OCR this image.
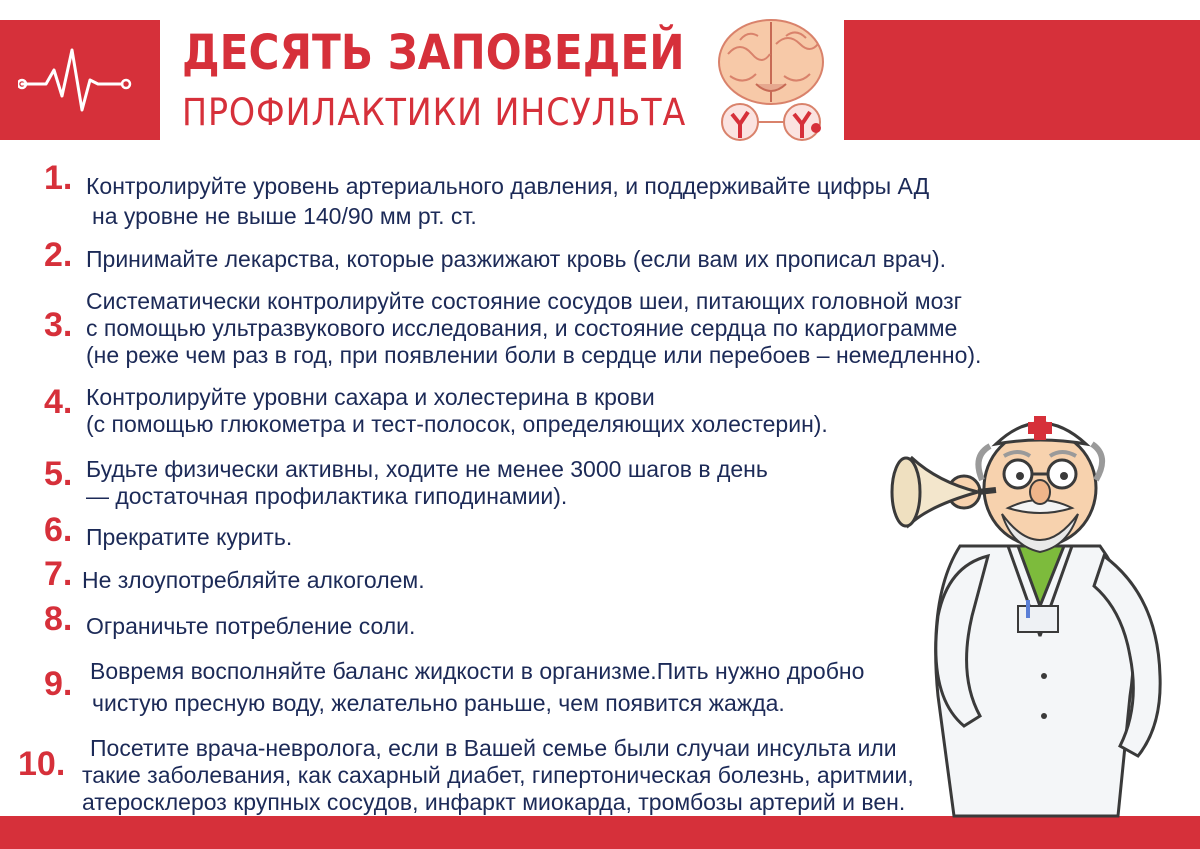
ДЕСЯТЬ ЗАПОВЕДЕЙ
ПРОФИЛАКТИКИ ИНСУЛЬТА
1. Контролируйте уровень артериального давления, и поддерживайте цифры АД
на уровне не выше 140/90 мм рт. ст.
2. Принимайте лекарства, которые разжижают кровь (если вам их прописал врач).
3.
Систематически контролируйте состояние сосудов шеи, питающих головной мозг
с помощью ультразвукового исследования, и состояние сердца по кардиограмме
(не реже чем раз в год, при появлении боли в сердце или перебоев – немедленно).
4. Контролируйте уровни сахара и холестерина в крови
(с помощью глюкометра и тест-полосок, определяющих холестерин).
5. Будьте физически активны, ходите не менее 3000 шагов в день
— достаточная профилактика гиподинамии).
6. Прекратите курить.
7. Не злоупотребляйте алкоголем.
8. Ограничьте потребление соли.
9. Вовремя восполняйте баланс жидкости в организме.Пить нужно дробно
чистую пресную воду, желательно раньше, чем появится жажда.
10. Посетите врача-невролога, если в Вашей семье были случаи инсульта или
такие заболевания, как сахарный диабет, гипертоническая болезнь, аритмии,
атеросклероз крупных сосудов, инфаркт миокарда, тромбозы артерий и вен.
